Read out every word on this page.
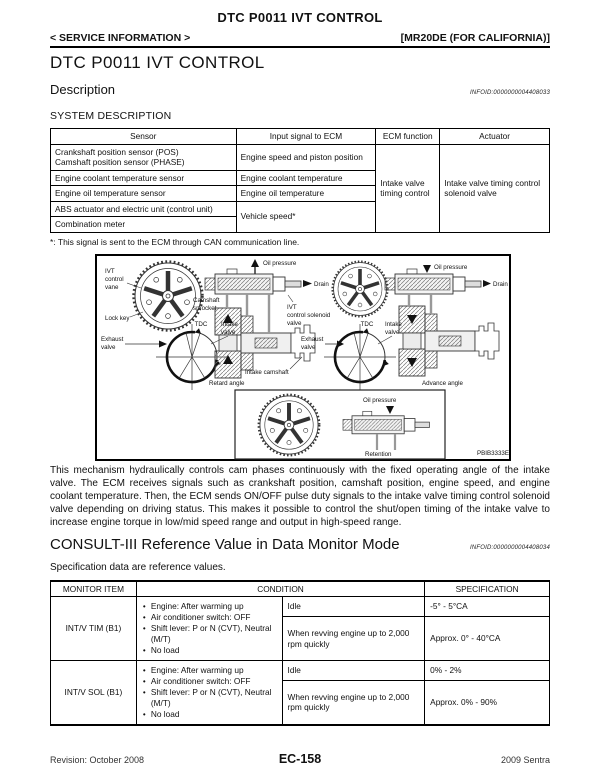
DTC P0011 IVT CONTROL
< SERVICE INFORMATION >	[MR20DE (FOR CALIFORNIA)]
DTC P0011 IVT CONTROL
Description	INFOID:0000000004408033
SYSTEM DESCRIPTION
Sensor	Input signal to ECM	ECM function	Actuator

Crankshaft position sensor (POS)
Camshaft position sensor (PHASE)	Engine speed and piston position	Intake valve timing control	Intake valve timing control solenoid valve
Engine coolant temperature sensor	Engine coolant temperature		
Engine oil temperature sensor	Engine oil temperature		
ABS actuator and electric unit (control unit)	Vehicle speed*		
Combination meter			
*: This signal is sent to the ECM through CAN communication line.
IVT
control
vane
Lock key
Camshaft
sprocket
Oil pressure
Drain
IVT
control solenoid
valve
TDC Intake
valve
Exhaust
valve
Intake camshaft
Retard angle
Oil pressure
Drain
TDC Intake
valve
Exhaust
valve
Advance angle
Oil pressure
Retention	PBIB3333E
This mechanism hydraulically controls cam phases continuously with the fixed operating angle of the intake valve. The ECM receives signals such as crankshaft position, camshaft position, engine speed, and engine coolant temperature. Then, the ECM sends ON/OFF pulse duty signals to the intake valve timing control solenoid valve depending on driving status. This makes it possible to control the shut/open timing of the intake valve to increase engine torque in low/mid speed range and output in high-speed range.
CONSULT-III Reference Value in Data Monitor Mode	INFOID:0000000004408034
Specification data are reference values.
MONITOR ITEM	CONDITION		SPECIFICATION
INT/V TIM (B1)	• Engine: After warming up
• Air conditioner switch: OFF
• Shift lever: P or N (CVT), Neutral (M/T)
• No load	Idle	-5° - 5°CA
		When revving engine up to 2,000 rpm quickly	Approx. 0° - 40°CA
INT/V SOL (B1)	• Engine: After warming up
• Air conditioner switch: OFF
• Shift lever: P or N (CVT), Neutral (M/T)
• No load	Idle	0% - 2%
		When revving engine up to 2,000 rpm quickly	Approx. 0% - 90%
Revision: October 2008	EC-158	2009 Sentra
